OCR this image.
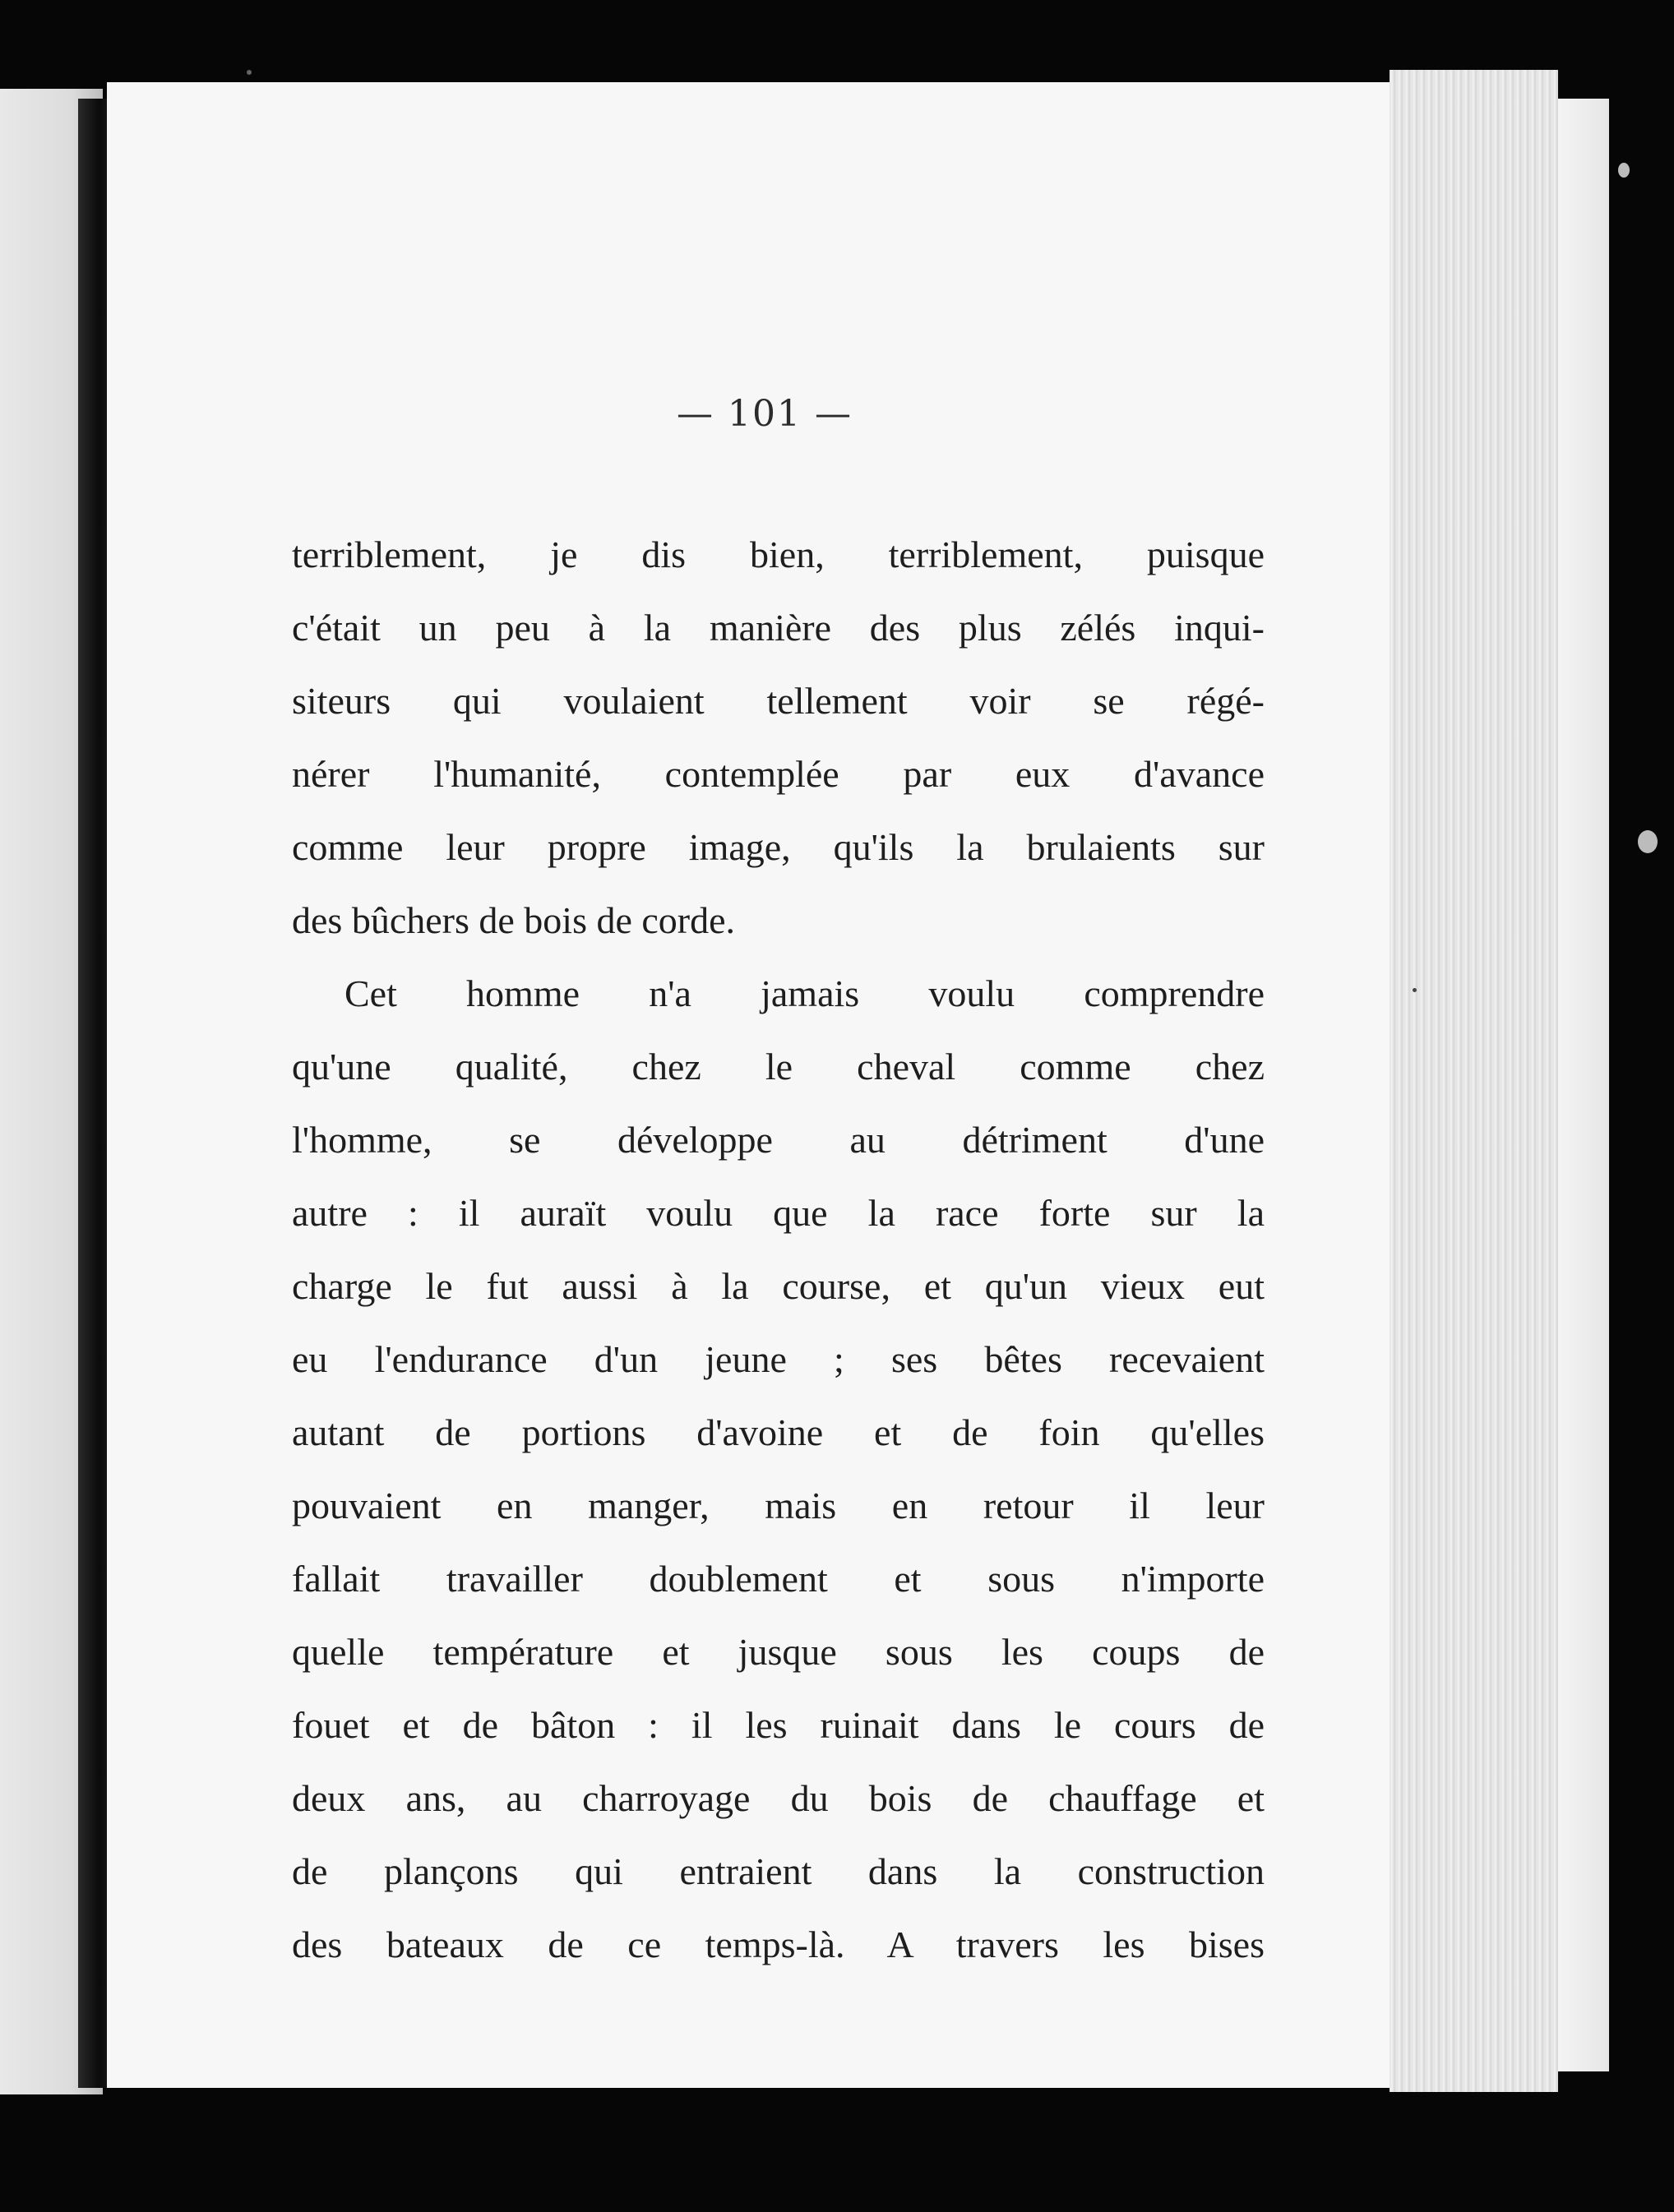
— 101 —
terriblement, je dis bien, terriblement, puisque
c'était un peu à la manière des plus zélés inqui-
siteurs qui voulaient tellement voir se régé-
nérer l'humanité, contemplée par eux d'avance
comme leur propre image, qu'ils la brulaients sur
des bûchers de bois de corde.
Cet homme n'a jamais voulu comprendre
qu'une qualité, chez le cheval comme chez
l'homme, se développe au détriment d'une
autre : il auraït voulu que la race forte sur la
charge le fut aussi à la course, et qu'un vieux eut
eu l'endurance d'un jeune ; ses bêtes recevaient
autant de portions d'avoine et de foin qu'elles
pouvaient en manger, mais en retour il leur
fallait travailler doublement et sous n'importe
quelle température et jusque sous les coups de
fouet et de bâton : il les ruinait dans le cours de
deux ans, au charroyage du bois de chauffage et
de plançons qui entraient dans la construction
des bateaux de ce temps-là. A travers les bises
